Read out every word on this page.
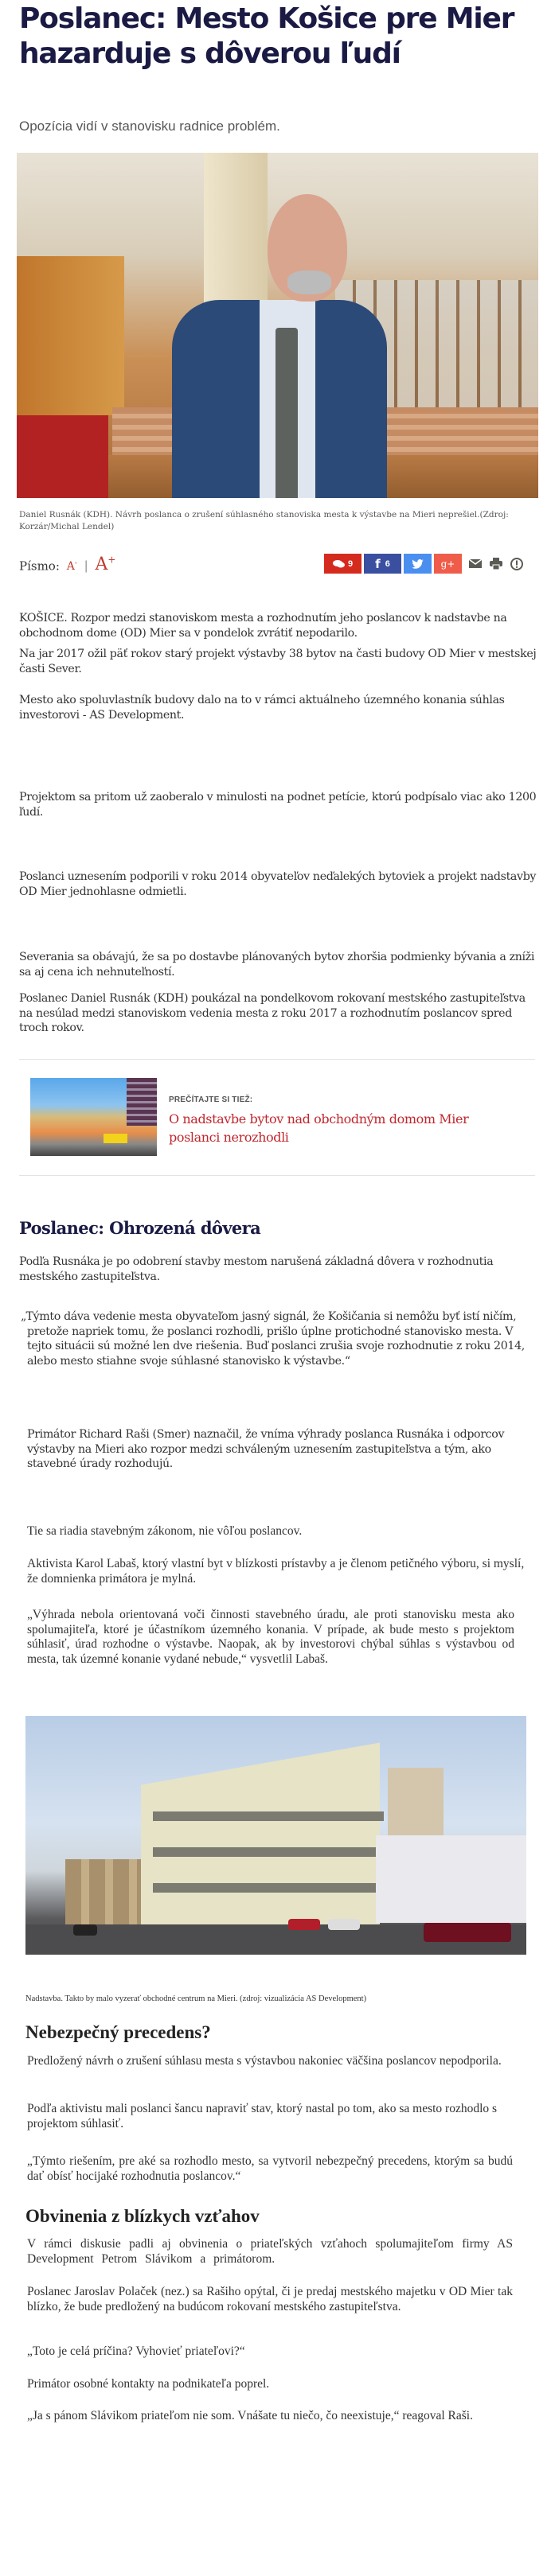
Poslanec: Mesto Košice pre Mier hazarduje s dôverou ľudí
Opozícia vidí v stanovisku radnice problém.
Daniel Rusnák (KDH). Návrh poslanca o zrušení súhlasného stanoviska mesta k výstavbe na Mieri neprešiel.(Zdroj: Korzár/Michal Lendel)
Písmo: A- | A+	9 f 6	g+

KOŠICE. Rozpor medzi stanoviskom mesta a rozhodnutím jeho poslancov k nadstavbe na obchodnom dome (OD) Mier sa v pondelok zvrátiť nepodarilo.

Na jar 2017 ožil päť rokov starý projekt výstavby 38 bytov na časti budovy OD Mier v mestskej časti Sever.

Mesto ako spoluvlastník budovy dalo na to v rámci aktuálneho územného konania súhlas investorovi - AS Development.

Projektom sa pritom už zaoberalo v minulosti na podnet petície, ktorú podpísalo viac ako 1200 ľudí.

Poslanci uznesením podporili v roku 2014 obyvateľov neďalekých bytoviek a projekt nadstavby OD Mier jednohlasne odmietli.

Severania sa obávajú, že sa po dostavbe plánovaných bytov zhoršia podmienky bývania a zníži sa aj cena ich nehnuteľností.

Poslanec Daniel Rusnák (KDH) poukázal na pondelkovom rokovaní mestského zastupiteľstva na nesúlad medzi stanoviskom vedenia mesta z roku 2017 a rozhodnutím poslancov spred troch rokov.

PREČÍTAJTE SI TIEŽ:
O nadstavbe bytov nad obchodným domom Mier poslanci nerozhodli
Poslanec: Ohrozená dôvera

Podľa Rusnáka je po odobrení stavby mestom narušená základná dôvera v rozhodnutia mestského zastupiteľstva.

„Týmto dáva vedenie mesta obyvateľom jasný signál, že Košičania si nemôžu byť istí ničím, pretože napriek tomu, že poslanci rozhodli, prišlo úplne protichodné stanovisko mesta. V tejto situácii sú možné len dve riešenia. Buď poslanci zrušia svoje rozhodnutie z roku 2014, alebo mesto stiahne svoje súhlasné stanovisko k výstavbe.“

Primátor Richard Raši (Smer) naznačil, že vníma výhrady poslanca Rusnáka i odporcov výstavby na Mieri ako rozpor medzi schváleným uznesením zastupiteľstva a tým, ako stavebné úrady rozhodujú.

Tie sa riadia stavebným zákonom, nie vôľou poslancov.

Aktivista Karol Labaš, ktorý vlastní byt v blízkosti prístavby a je členom petičného výboru, si myslí, že domnienka primátora je mylná.

„Výhrada nebola orientovaná voči činnosti stavebného úradu, ale proti stanovisku mesta ako spolumajiteľa, ktoré je účastníkom územného konania. V prípade, ak bude mesto s projektom súhlasiť, úrad rozhodne o výstavbe. Naopak, ak by investorovi chýbal súhlas s výstavbou od mesta, tak územné konanie vydané nebude,“ vysvetlil Labaš.

Nadstavba. Takto by malo vyzerať obchodné centrum na Mieri. (zdroj: vizualizácia AS Development)
Nebezpečný precedens?

Predložený návrh o zrušení súhlasu mesta s výstavbou nakoniec väčšina poslancov nepodporila.

Podľa aktivistu mali poslanci šancu napraviť stav, ktorý nastal po tom, ako sa mesto rozhodlo s projektom súhlasiť.

„Týmto riešením, pre aké sa rozhodlo mesto, sa vytvoril nebezpečný precedens, ktorým sa budú dať obísť hocijaké rozhodnutia poslancov.“

Obvinenia z blízkych vzťahov

V rámci diskusie padli aj obvinenia o priateľských vzťahoch spolumajiteľom firmy AS Development Petrom Slávikom a primátorom.

Poslanec Jaroslav Polaček (nez.) sa Rašiho opýtal, či je predaj mestského majetku v OD Mier tak blízko, že bude predložený na budúcom rokovaní mestského zastupiteľstva.

„Toto je celá príčina? Vyhovieť priateľovi?“

Primátor osobné kontakty na podnikateľa poprel.

„Ja s pánom Slávikom priateľom nie som. Vnášate tu niečo, čo neexistuje,“ reagoval Raši.
